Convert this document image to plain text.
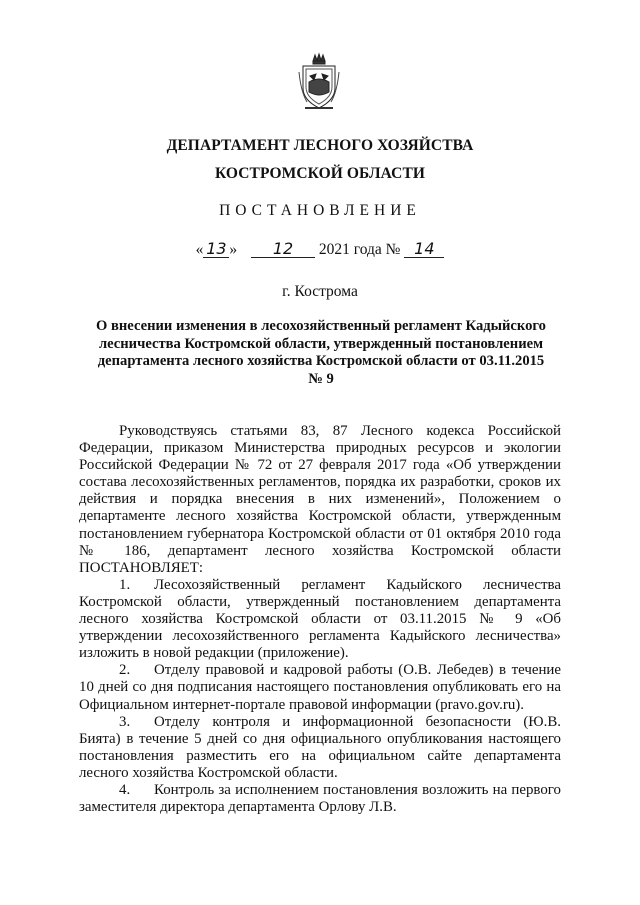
ДЕПАРТАМЕНТ ЛЕСНОГО ХОЗЯЙСТВА
КОСТРОМСКОЙ ОБЛАСТИ
ПОСТАНОВЛЕНИЕ
« 13 » 12 2021 года № 14
г. Кострома
О внесении изменения в лесохозяйственный регламент Кадыйского лесничества Костромской области, утвержденный постановлением департамента лесного хозяйства Костромской области от 03.11.2015 № 9

Руководствуясь статьями 83, 87 Лесного кодекса Российской Федерации, приказом Министерства природных ресурсов и экологии Российской Федерации № 72 от 27 февраля 2017 года «Об утверждении состава лесохозяйственных регламентов, порядка их разработки, сроков их действия и порядка внесения в них изменений», Положением о департаменте лесного хозяйства Костромской области, утвержденным постановлением губернатора Костромской области от 01 октября 2010 года № 186, департамент лесного хозяйства Костромской области ПОСТАНОВЛЯЕТ:

1. Лесохозяйственный регламент Кадыйского лесничества Костромской области, утвержденный постановлением департамента лесного хозяйства Костромской области от 03.11.2015 № 9 «Об утверждении лесохозяйственного регламента Кадыйского лесничества» изложить в новой редакции (приложение).

2. Отделу правовой и кадровой работы (О.В. Лебедев) в течение 10 дней со дня подписания настоящего постановления опубликовать его на Официальном интернет-портале правовой информации (pravo.gov.ru).

3. Отделу контроля и информационной безопасности (Ю.В. Бията) в течение 5 дней со дня официального опубликования настоящего постановления разместить его на официальном сайте департамента лесного хозяйства Костромской области.

4. Контроль за исполнением постановления возложить на первого заместителя директора департамента Орлову Л.В.
